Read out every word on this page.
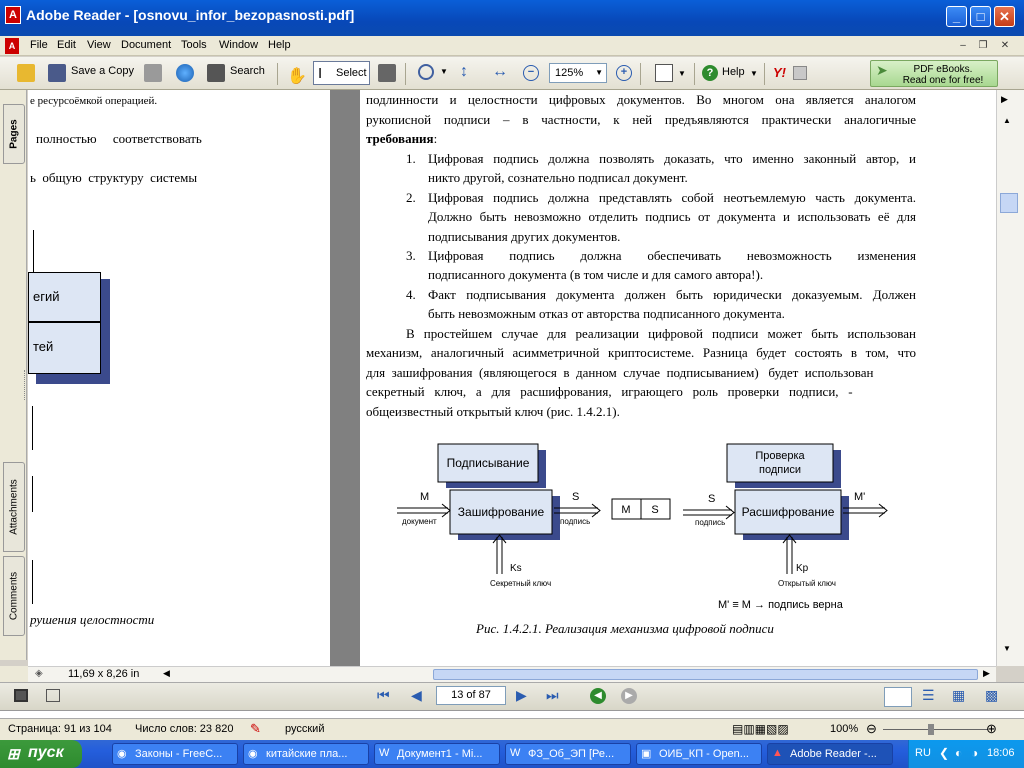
A Adobe Reader - [osnovu_infor_bezopasnosti.pdf]	_	□	✕
A	File Edit View Document Tools Window Help	–	❐	✕
Save a Copy	Search ✋ Ⅰ Select	▼ ↕ ↔	−	125% ▼	+	▼	? Help ▼ Y!	➤	PDF eBooks.
Read one for free!
Pages
Attachments
Comments
е ресурсоёмкой операцией.
полностью     соответствовать
ь  общую  структуру  системы
егий
тей
рушения целостности
подлинности и целостности цифровых документов. Во многом она является аналогом
рукописной подписи – в частности, к ней предъявляются практически аналогичные
требования:
1. Цифровая подпись должна позволять доказать, что именно законный автор, и
никто другой, сознательно подписал документ.
2. Цифровая подпись должна представлять собой неотъемлемую часть документа.
Должно быть невозможно отделить подпись от документа и использовать её для
подписывания других документов.
3. Цифровая   подпись   должна   обеспечивать   невозможность   изменения
подписанного документа (в том числе и для самого автора!).
4. Факт подписывания документа должен быть юридически доказуемым. Должен
быть невозможным отказ от авторства подписанного документа.
В простейшем случае для реализации цифровой подписи может быть использован
механизм, аналогичный асимметричной криптосистеме. Разница будет состоять в том, что
для  зашифрования  (являющегося  в  данном  случае  подписыванием)   будет  использован
секретный   ключ,   а   для   расшифрования,   играющего   роль   проверки   подписи,   -
общеизвестный открытый ключ (рис. 1.4.2.1).
Подписывание
Зашифрование
M
документ
S
подпись
M S
S
подпись
Проверка
подписи
Расшифрование
M'
Ks
Секретный ключ
Kp
Открытый ключ
M' ≡ M → подпись верна
Рис. 1.4.2.1. Реализация механизма цифровой подписи
▶
▲
▼
◈ 11,69 x 8,26 in	◀	▶
⏮ ◀	▶ ⏭	◀	▶	☰ ▦ ▩
13 of 87
Страница: 91 из 104 Число слов: 23 820 ✎ русский	▤▥▦▧▨	100% ⊖	⊕
⊞ пуск	◉ Законы - FreeC...	◉ китайские пла...	W Документ1 - Mi...	W ФЗ_Об_ЭП [Ре...	▣ ОИБ_КП - Open...	▲ Adobe Reader -...	RU ❮ ◐ ◑ 18:06
